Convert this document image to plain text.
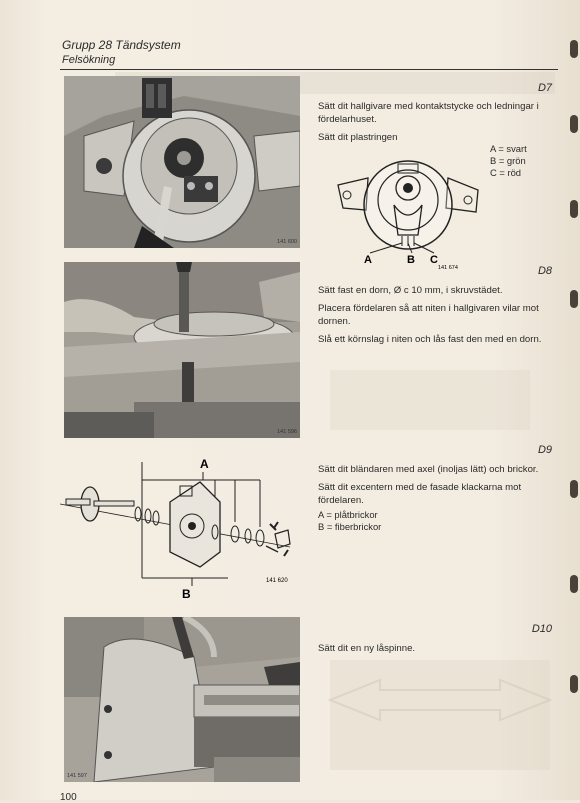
Grupp 28 Tändsystem
Felsökning
D7
141 600

Sätt dit hallgivare med kontaktstycke och ledningar i fördelarhuset.

Sätt dit plastringen

A = svart
B = grön
C = röd
A	B C
141 674	D8
141 596

Sätt fast en dorn, Ø c 10 mm, i skruvstädet.

Placera fördelaren så att niten i hallgivaren vilar mot dornen.

Slå ett körnslag i niten och lås fast den med en dorn.

D9
A
B
141 620

Sätt dit bländaren med axel (inoljas lätt) och brickor.

Sätt dit excentern med de fasade klackarna mot fördelaren.

A = plåtbrickor
B = fiberbrickor
D10
141 597

Sätt dit en ny låspinne.

100
